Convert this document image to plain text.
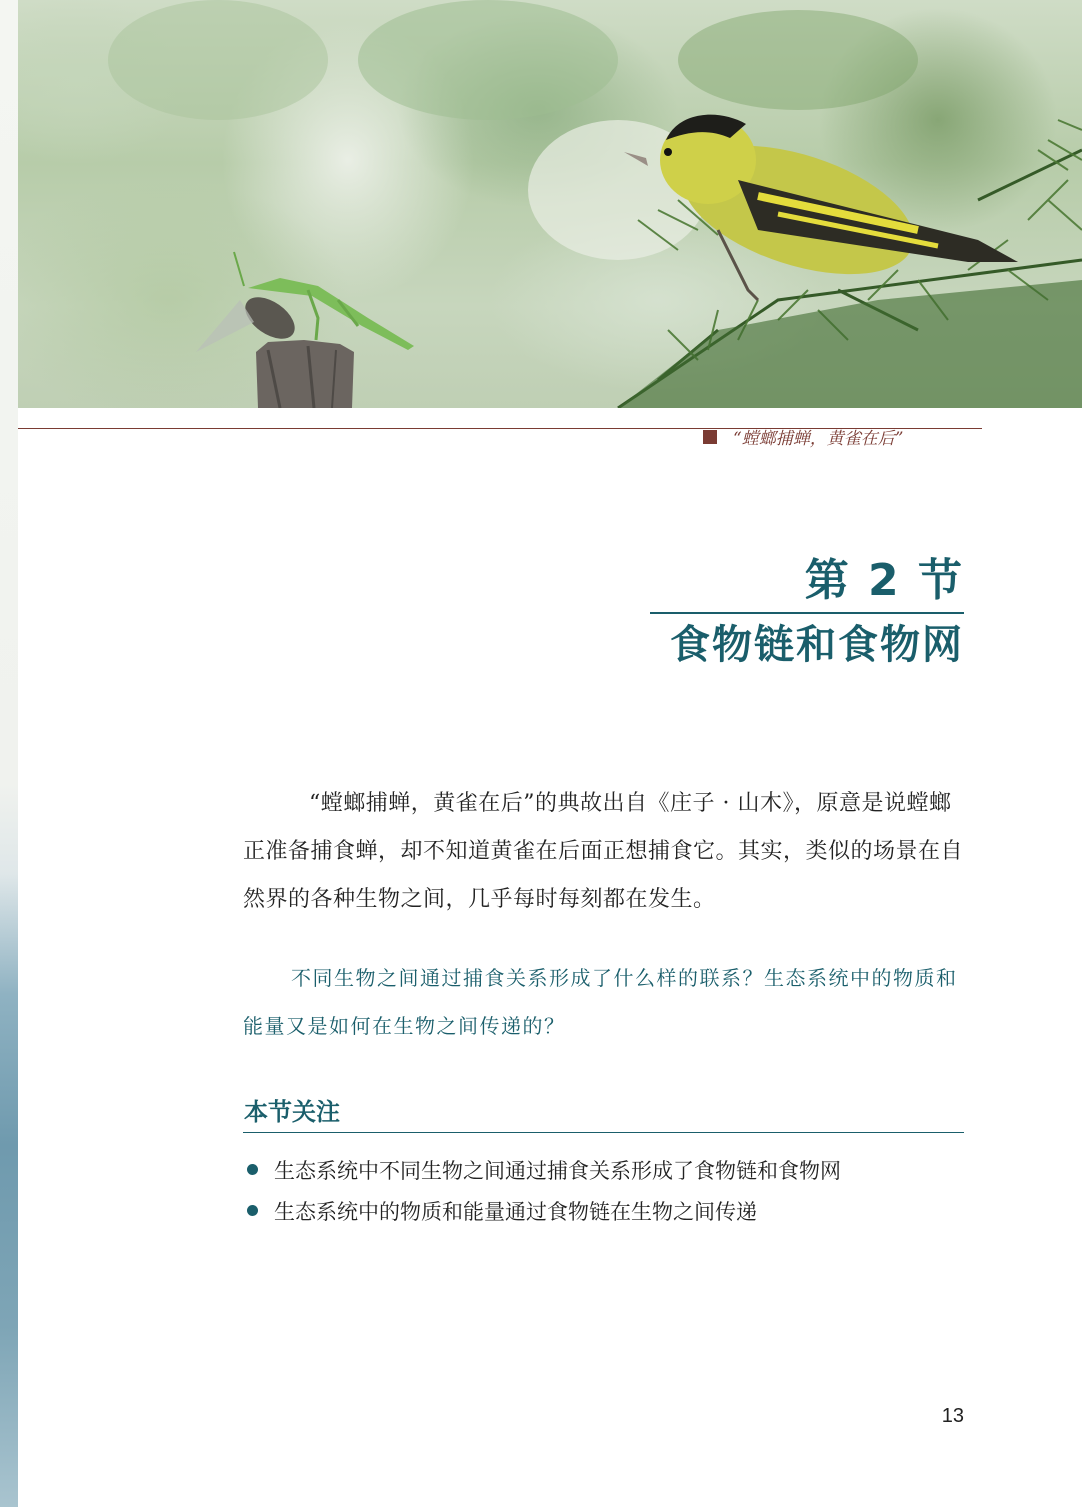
“螳螂捕蝉，黄雀在后”
第 2 节
食物链和食物网

“螳螂捕蝉，黄雀在后”的典故出自《庄子 · 山木》，原意是说螳螂正准备捕食蝉，却不知道黄雀在后面正想捕食它。其实，类似的场景在自然界的各种生物之间，几乎每时每刻都在发生。

不同生物之间通过捕食关系形成了什么样的联系？生态系统中的物质和能量又是如何在生物之间传递的？

本节关注
生态系统中不同生物之间通过捕食关系形成了食物链和食物网
生态系统中的物质和能量通过食物链在生物之间传递
13
